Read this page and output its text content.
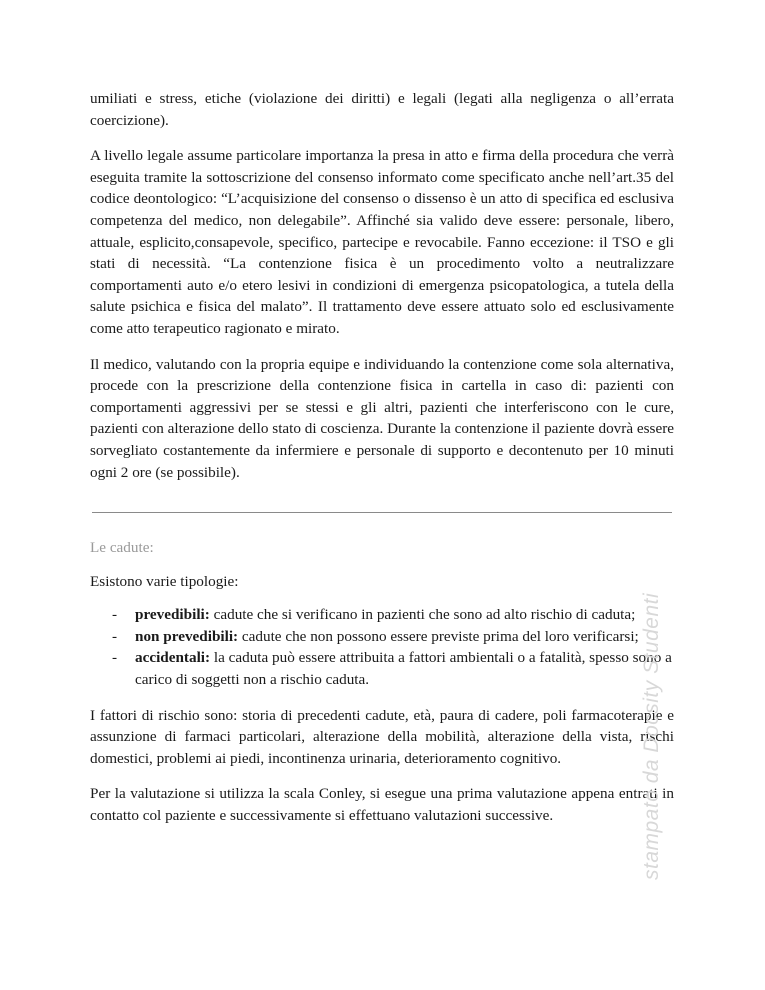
umiliati e stress, etiche (violazione dei diritti) e legali (legati alla negligenza o all’errata coercizione).

A livello legale assume particolare importanza la presa in atto e firma della procedura che verrà eseguita tramite la sottoscrizione del consenso informato come specificato anche nell’art.35 del codice deontologico: “L’acquisizione del consenso o dissenso è un atto di specifica ed esclusiva competenza del medico, non delegabile”. Affinché sia valido deve essere: personale, libero, attuale, esplicito,consapevole, specifico, partecipe e revocabile. Fanno eccezione: il TSO e gli stati di necessità. “La contenzione fisica è un procedimento volto a neutralizzare comportamenti auto e/o etero lesivi in condizioni di emergenza psicopatologica, a tutela della salute psichica e fisica del malato”. Il trattamento deve essere attuato solo ed esclusivamente come atto terapeutico ragionato e mirato.

Il medico, valutando con la propria equipe e individuando la contenzione come sola alternativa, procede con la prescrizione della contenzione fisica in cartella in caso di: pazienti con comportamenti aggressivi per se stessi e gli altri, pazienti che interferiscono con le cure, pazienti con alterazione dello stato di coscienza. Durante la contenzione il paziente dovrà essere sorvegliato costantemente da infermiere e personale di supporto e decontenuto per 10 minuti ogni 2 ore (se possibile).

Le cadute:

Esistono varie tipologie:

- prevedibili: cadute che si verificano in pazienti che sono ad alto rischio di caduta;
- non prevedibili: cadute che non possono essere previste prima del loro verificarsi;
- accidentali: la caduta può essere attribuita a fattori ambientali o a fatalità, spesso sono a carico di soggetti non a rischio caduta.

I fattori di rischio sono: storia di precedenti cadute, età, paura di cadere, poli farmacoterapie e assunzione di farmaci particolari, alterazione della mobilità, alterazione della vista, rischi domestici, problemi ai piedi, incontinenza urinaria, deterioramento cognitivo.

Per la valutazione si utilizza la scala Conley, si esegue una prima valutazione appena entrati in contatto col paziente e successivamente si effettuano valutazioni successive.	stampato da Docsity Studenti
